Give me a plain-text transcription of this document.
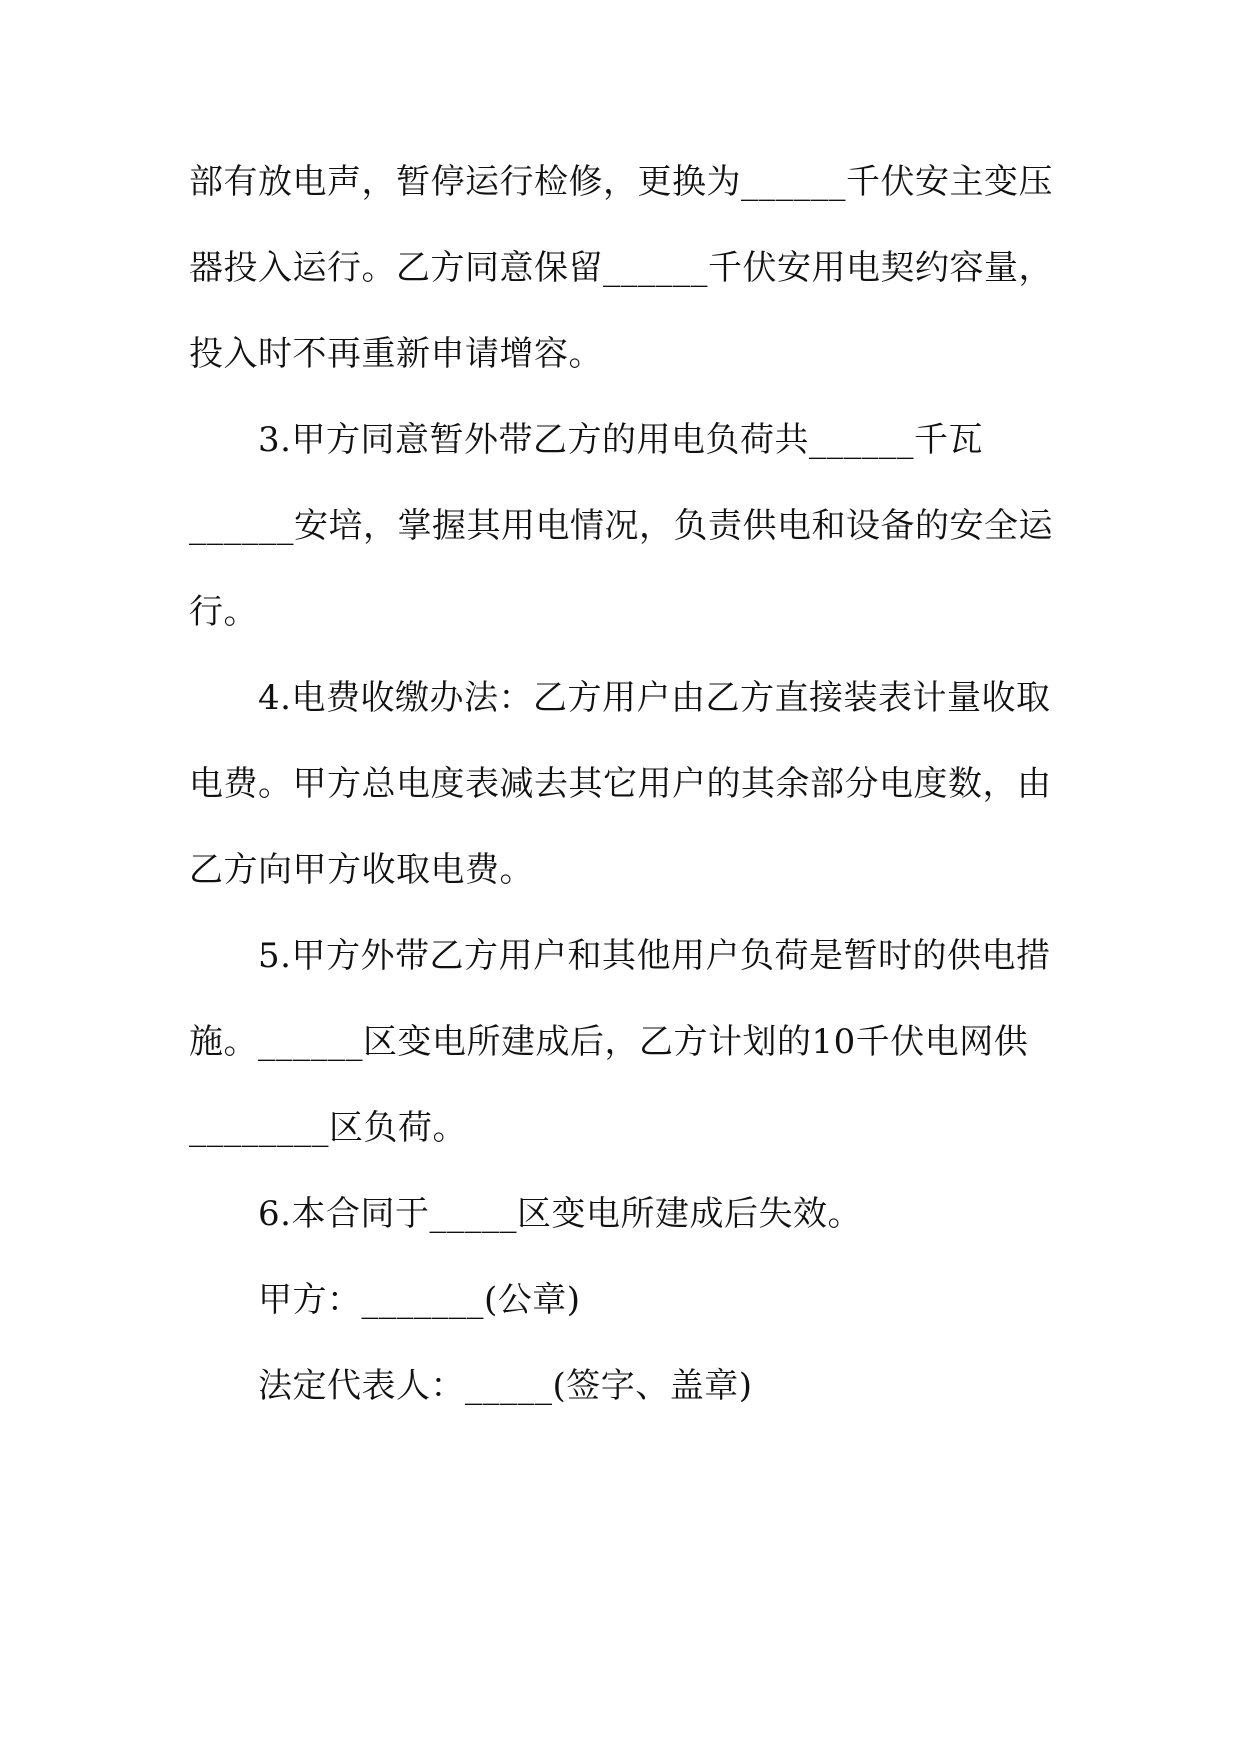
部有放电声，暂停运行检修，更换为______千伏安主变压

器投入运行。乙方同意保留______千伏安用电契约容量，

投入时不再重新申请增容。

3.甲方同意暂外带乙方的用电负荷共______千瓦

______安培，掌握其用电情况，负责供电和设备的安全运

行。

4.电费收缴办法：乙方用户由乙方直接装表计量收取

电费。甲方总电度表减去其它用户的其余部分电度数，由

乙方向甲方收取电费。

5.甲方外带乙方用户和其他用户负荷是暂时的供电措

施。______区变电所建成后，乙方计划的10千伏电网供

________区负荷。

6.本合同于_____区变电所建成后失效。

甲方：_______(公章)

法定代表人：_____(签字、盖章)
